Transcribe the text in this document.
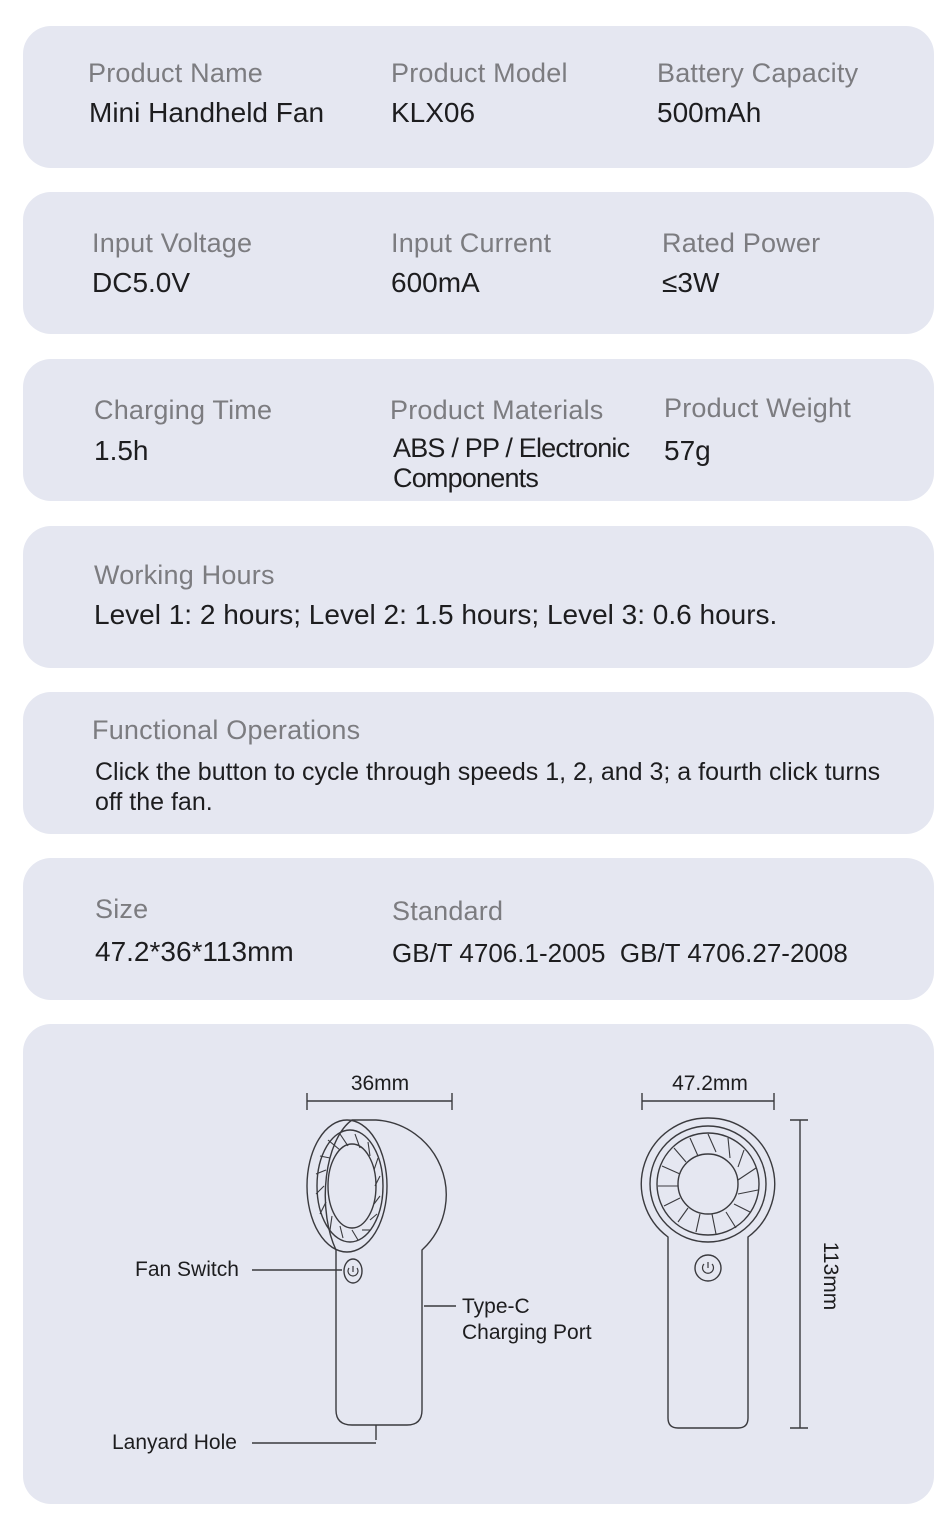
Product Name
Mini Handheld Fan
Product Model
KLX06
Battery Capacity
500mAh
Input Voltage
DC5.0V
Input Current
600mA
Rated Power
≤3W
Charging Time
1.5h
Product Materials
ABS / PP / Electronic Components
Product Weight
57g
Working Hours
Level 1: 2 hours; Level 2: 1.5 hours; Level 3: 0.6 hours.
Functional Operations
Click the button to cycle through speeds 1, 2, and 3; a fourth click turns off the fan.
Size
47.2*36*113mm
Standard
GB/T 4706.1-2005  GB/T 4706.27-2008
36mm	47.2mm
113mm
Fan Switch
Type-C
Charging Port
Lanyard Hole
